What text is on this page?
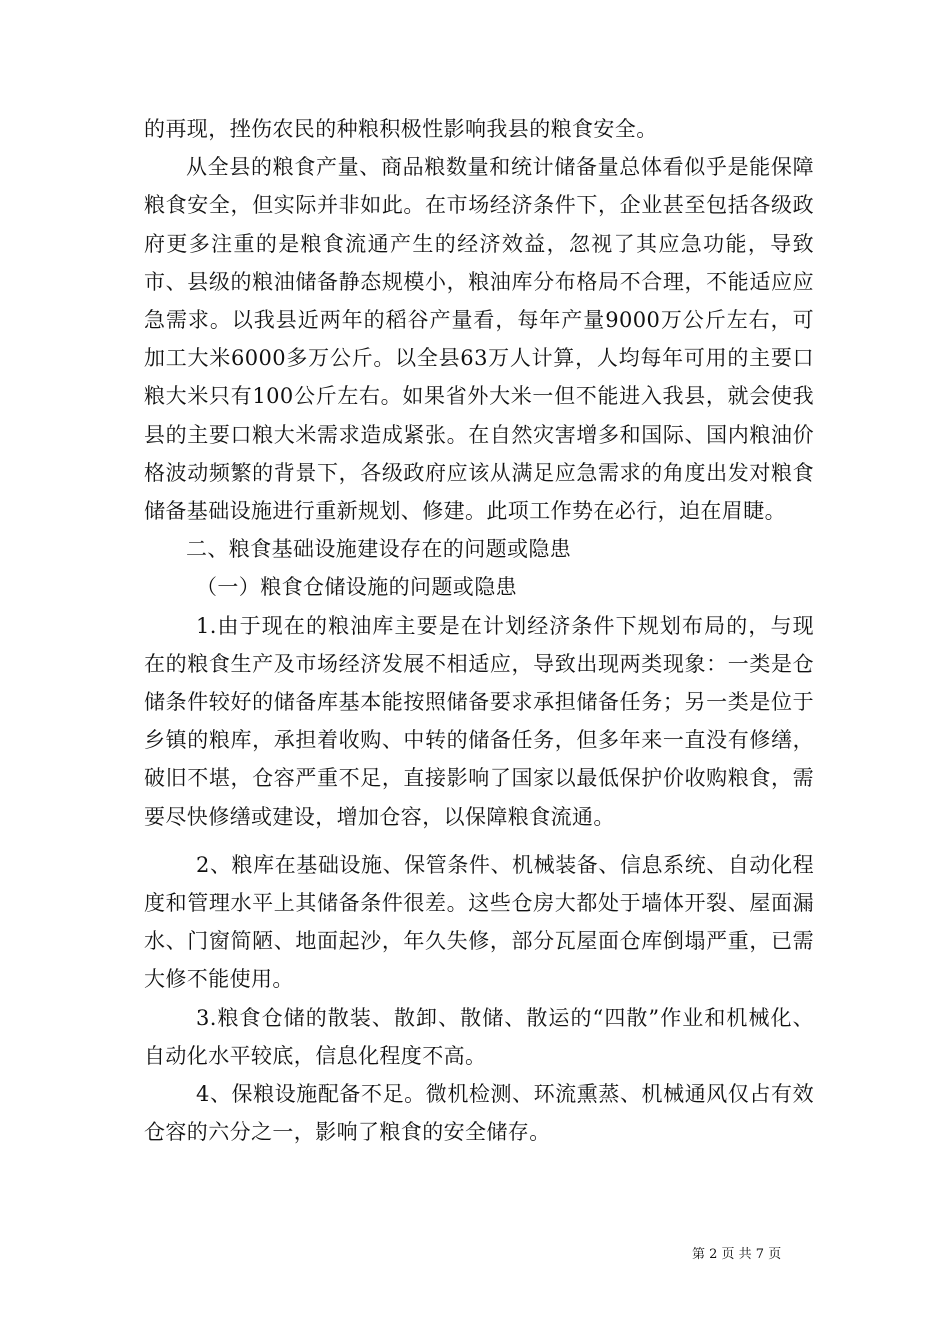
的再现，挫伤农民的种粮积极性影响我县的粮食安全。

从全县的粮食产量、商品粮数量和统计储备量总体看似乎是能保障粮食安全，但实际并非如此。在市场经济条件下，企业甚至包括各级政府更多注重的是粮食流通产生的经济效益，忽视了其应急功能，导致市、县级的粮油储备静态规模小，粮油库分布格局不合理，不能适应应急需求。以我县近两年的稻谷产量看，每年产量9000万公斤左右，可加工大米6000多万公斤。以全县63万人计算，人均每年可用的主要口粮大米只有100公斤左右。如果省外大米一但不能进入我县，就会使我县的主要口粮大米需求造成紧张。在自然灾害增多和国际、国内粮油价格波动频繁的背景下，各级政府应该从满足应急需求的角度出发对粮食储备基础设施进行重新规划、修建。此项工作势在必行，迫在眉睫。

二、粮食基础设施建设存在的问题或隐患

（一）粮食仓储设施的问题或隐患

1.由于现在的粮油库主要是在计划经济条件下规划布局的，与现在的粮食生产及市场经济发展不相适应，导致出现两类现象：一类是仓储条件较好的储备库基本能按照储备要求承担储备任务；另一类是位于乡镇的粮库，承担着收购、中转的储备任务，但多年来一直没有修缮，破旧不堪，仓容严重不足，直接影响了国家以最低保护价收购粮食，需要尽快修缮或建设，增加仓容，以保障粮食流通。

2、粮库在基础设施、保管条件、机械装备、信息系统、自动化程度和管理水平上其储备条件很差。这些仓房大都处于墙体开裂、屋面漏水、门窗简陋、地面起沙，年久失修，部分瓦屋面仓库倒塌严重，已需大修不能使用。

3.粮食仓储的散装、散卸、散储、散运的“四散”作业和机械化、自动化水平较底，信息化程度不高。

4、保粮设施配备不足。微机检测、环流熏蒸、机械通风仅占有效仓容的六分之一，影响了粮食的安全储存。

第 2 页 共 7 页
